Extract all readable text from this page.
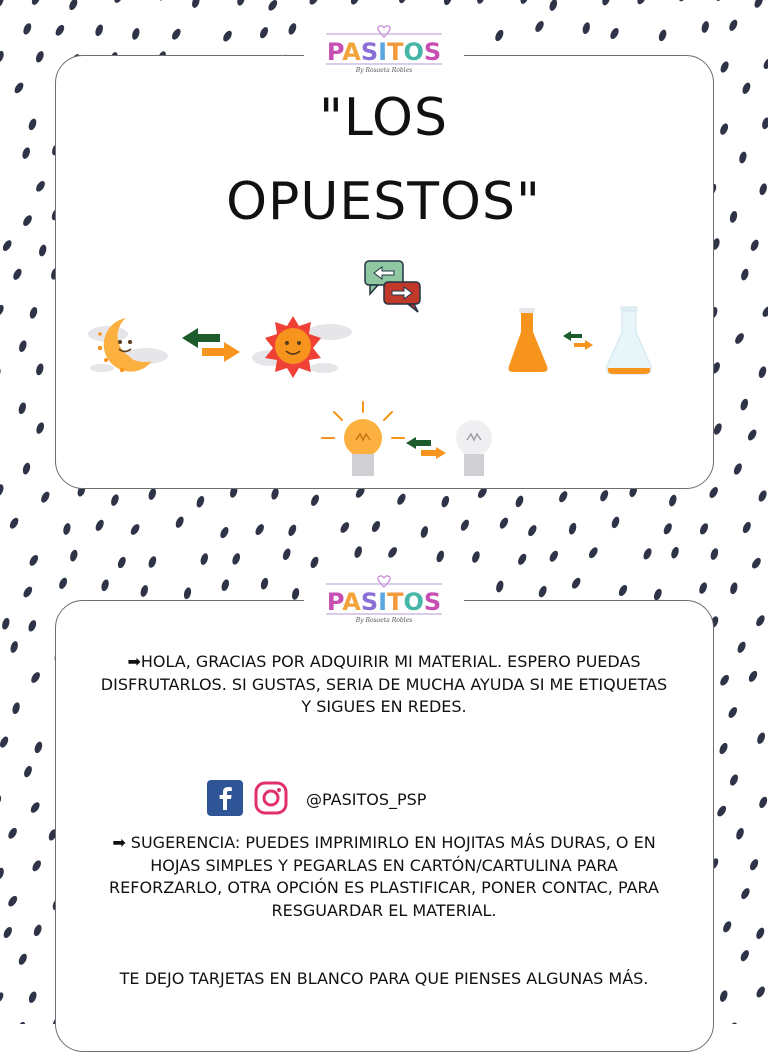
PASITOS
By Rosaeta Robles
"LOS
OPUESTOS"
PASITOS
By Rosaeta Robles
➡HOLA, GRACIAS POR ADQUIRIR MI MATERIAL. ESPERO PUEDAS DISFRUTARLOS. SI GUSTAS, SERIA DE MUCHA AYUDA SI ME ETIQUETAS Y SIGUES EN REDES.
@PASITOS_PSP
➡ SUGERENCIA: PUEDES IMPRIMIRLO EN HOJITAS MÁS DURAS, O EN HOJAS SIMPLES Y PEGARLAS EN CARTÓN/CARTULINA PARA REFORZARLO, OTRA OPCIÓN ES PLASTIFICAR, PONER CONTAC, PARA RESGUARDAR EL MATERIAL.
TE DEJO TARJETAS EN BLANCO PARA QUE PIENSES ALGUNAS MÁS.
